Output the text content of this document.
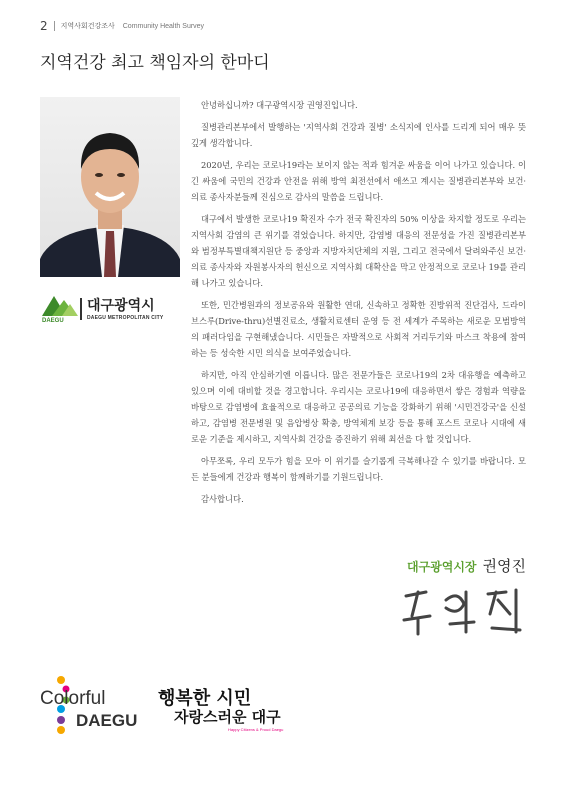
2 지역사회건강조사 Community Health Survey
지역건강 최고 책임자의 한마디
DAEGU
대구광역시
DAEGU METROPOLITAN CITY

안녕하십니까? 대구광역시장 권영진입니다.

질병관리본부에서 발행하는 '지역사회 건강과 질병' 소식지에 인사를 드리게 되어 매우 뜻깊게 생각합니다.

2020년, 우리는 코로나19라는 보이지 않는 적과 힘겨운 싸움을 이어 나가고 있습니다. 이 긴 싸움에 국민의 건강과 안전을 위해 방역 최전선에서 애쓰고 계시는 질병관리본부와 보건·의료 종사자분들께 진심으로 감사의 말씀을 드립니다.

대구에서 발생한 코로나19 확진자 수가 전국 확진자의 50% 이상을 차지할 정도로 우리는 지역사회 감염의 큰 위기를 겪었습니다. 하지만, 감염병 대응의 전문성을 가진 질병관리본부와 범정부특별대책지원단 등 중앙과 지방자치단체의 지원, 그리고 전국에서 달려와주신 보건·의료 종사자와 자원봉사자의 헌신으로 지역사회 대확산을 막고 안정적으로 코로나 19를 관리해 나가고 있습니다.

또한, 민간병원과의 정보공유와 원활한 연대, 신속하고 정확한 진방위적 진단검사, 드라이브스루(Drive-thru)선별진료소, 생활치료센터 운영 등 전 세계가 주목하는 새로운 모범방역의 패러다임을 구현해냈습니다. 시민들은 자발적으로 사회적 거리두기와 마스크 착용에 참여하는 등 성숙한 시민 의식을 보여주었습니다.

하지만, 아직 안심하기엔 이릅니다. 많은 전문가들은 코로나19의 2차 대유행을 예측하고 있으며 이에 대비할 것을 경고합니다. 우리시는 코로나19에 대응하면서 쌓은 경험과 역량을 바탕으로 감염병에 효율적으로 대응하고 공공의료 기능을 강화하기 위해 '시민건강국'을 신설하고, 감염병 전문병원 및 음압병상 확충, 방역체계 보강 등을 통해 포스트 코로나 시대에 새로운 기준을 제시하고, 지역사회 건강을 증진하기 위해 최선을 다 할 것입니다.

아무쪼록, 우리 모두가 힘을 모아 이 위기를 슬기롭게 극복해나갈 수 있기를 바랍니다. 모든 분들에게 건강과 행복이 함께하기를 기원드립니다.

감사합니다.

대구광역시장 권영진
Colorful
DAEGU
행복한 시민
자랑스러운 대구
Happy Citizens & Proud Daegu
